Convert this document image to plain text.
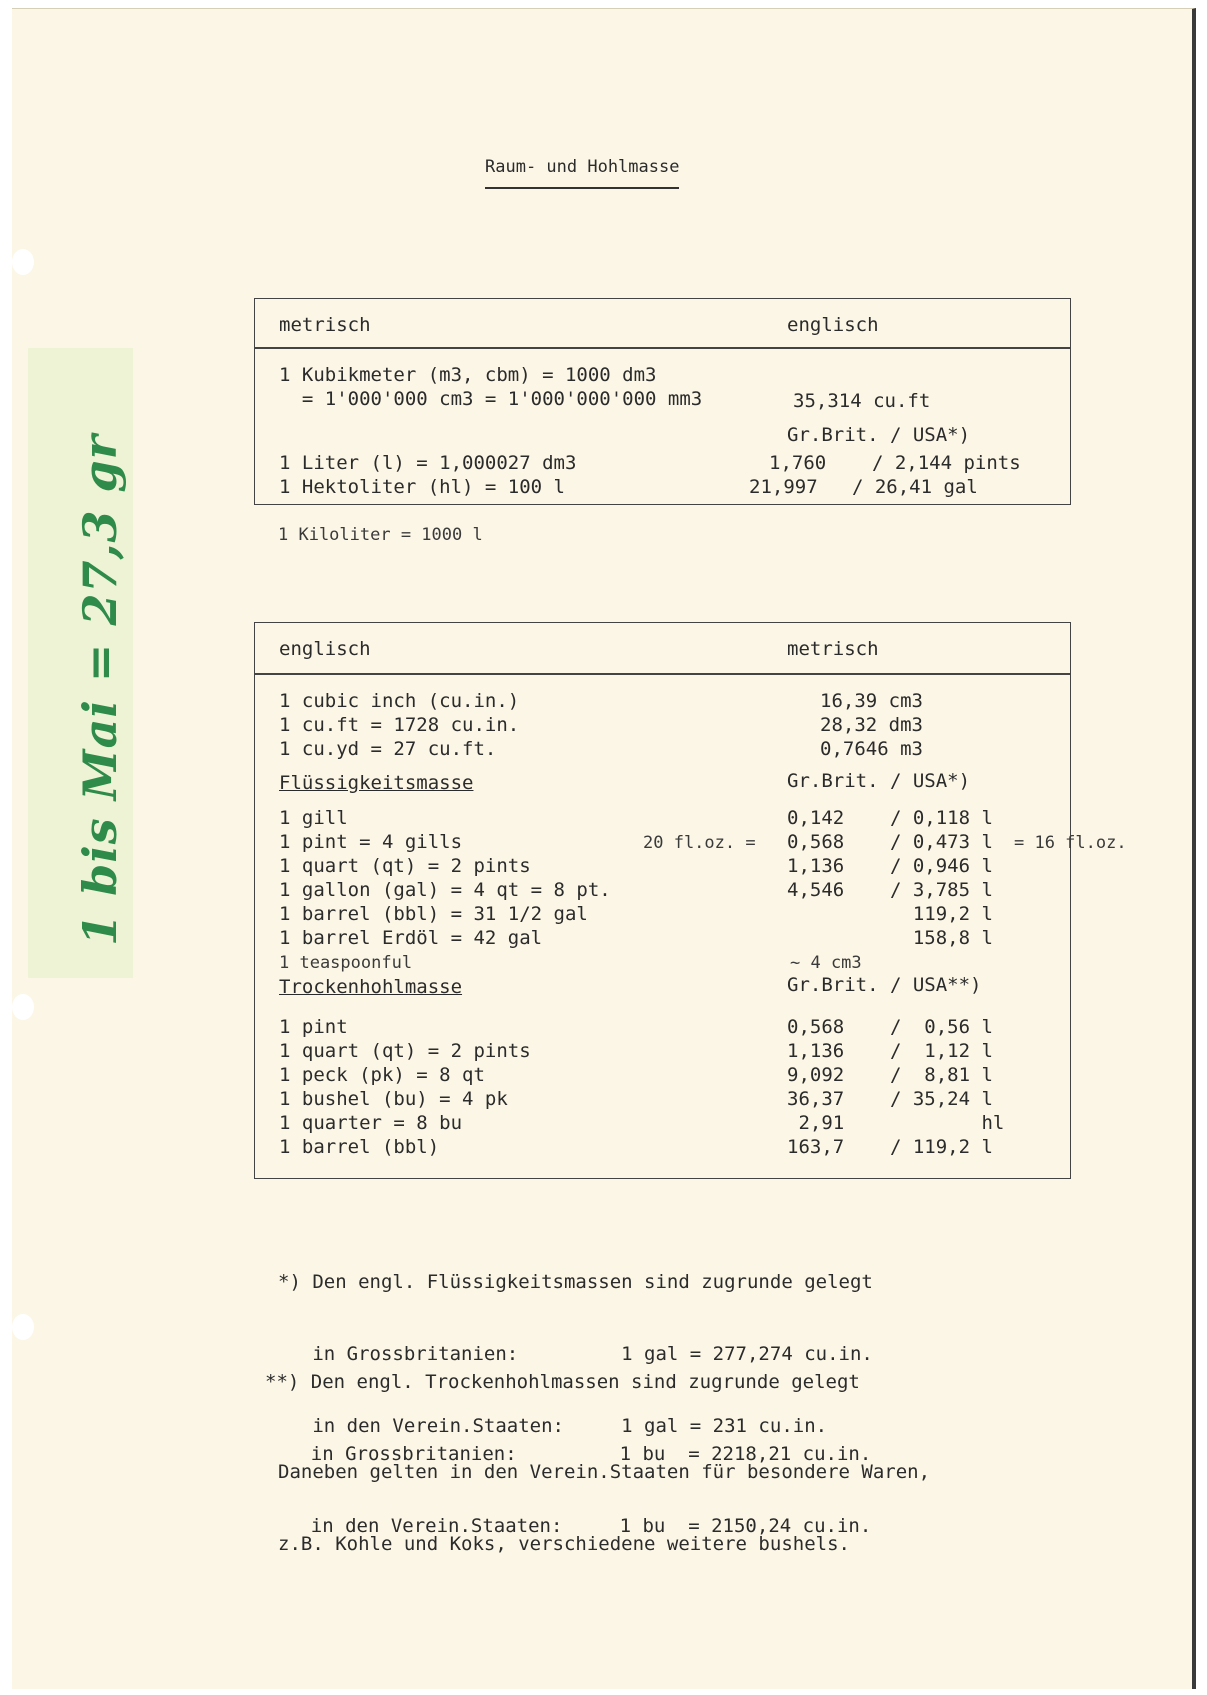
1 bis Mai = 27,3 gr
Raum- und Hohlmasse
metrisch	englisch
1 Kubikmeter (m3, cbm) = 1000 dm3
= 1'000'000 cm3 = 1'000'000'000 mm3	35,314 cu.ft
Gr.Brit. / USA*)
1 Liter (l) = 1,000027 dm3	1,760    / 2,144 pints
1 Hektoliter (hl) = 100 l	21,997   / 26,41 gal
1 Kiloliter = 1000 l
englisch	metrisch
1 cubic inch (cu.in.)	16,39 cm3
1 cu.ft = 1728 cu.in.	28,32 dm3
1 cu.yd = 27 cu.ft.	0,7646 m3
Flüssigkeitsmasse	Gr.Brit. / USA*)
1 gill	0,142    / 0,118 l
1 pint = 4 gills	20 fl.oz. = 0,568    / 0,473 l = 16 fl.oz.
1 quart (qt) = 2 pints	1,136    / 0,946 l
1 gallon (gal) = 4 qt = 8 pt.	4,546    / 3,785 l
1 barrel (bbl) = 31 1/2 gal	119,2 l
1 barrel Erdöl = 42 gal	158,8 l
1 teaspoonful	~ 4 cm3
Trockenhohlmasse	Gr.Brit. / USA**)
1 pint	0,568    /  0,56 l
1 quart (qt) = 2 pints	1,136    /  1,12 l
1 peck (pk) = 8 qt	9,092    /  8,81 l
1 bushel (bu) = 4 pk	36,37    / 35,24 l
1 quarter = 8 bu	2,91            hl
1 barrel (bbl)	163,7    / 119,2 l

*) Den engl. Flüssigkeitsmassen sind zugrunde gelegt

in Grossbritanien:         1 gal = 277,274 cu.in.

in den Verein.Staaten:     1 gal = 231 cu.in.

**) Den engl. Trockenhohlmassen sind zugrunde gelegt

in Grossbritanien:         1 bu  = 2218,21 cu.in.

in den Verein.Staaten:     1 bu  = 2150,24 cu.in.

Daneben gelten in den Verein.Staaten für besondere Waren,

z.B. Kohle und Koks, verschiedene weitere bushels.
